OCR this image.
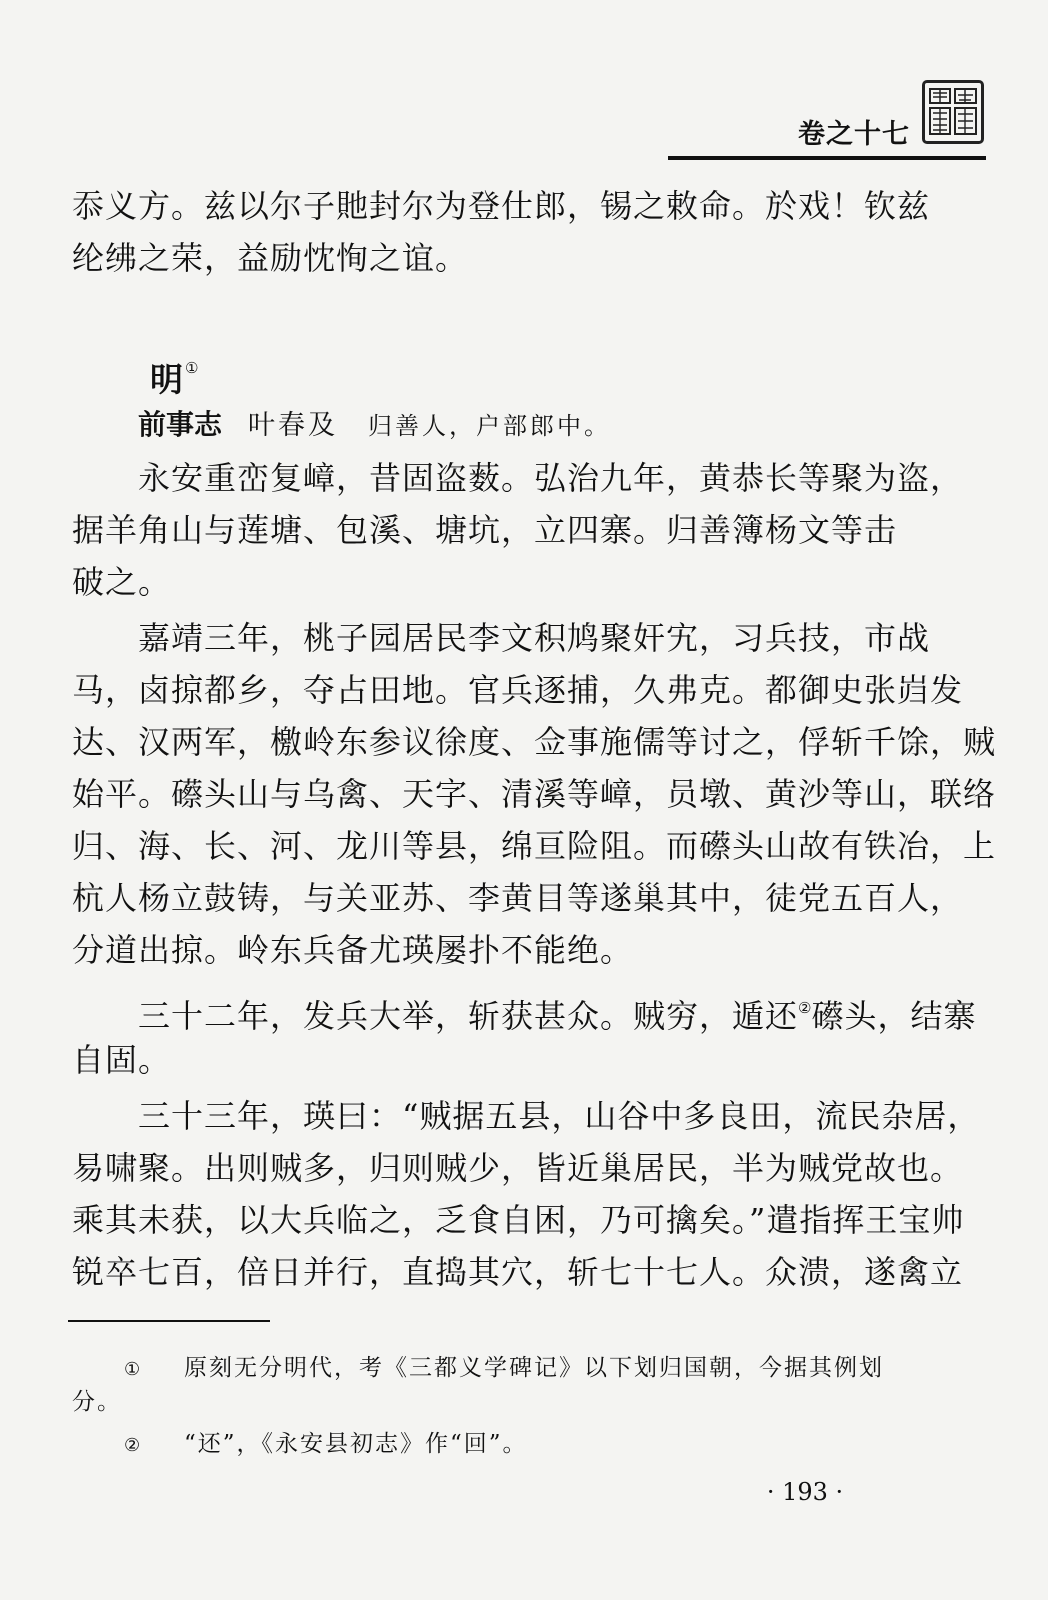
卷之十七
忝义方。兹以尔子貤封尔为登仕郎，锡之敕命。於戏！钦兹
纶绋之荣，益励忱恂之谊。
明 ①
前事志 叶春及 归善人，户部郎中。
永安重峦复嶂，昔固盗薮。弘治九年，黄恭长等聚为盗，
据羊角山与莲塘、包溪、塘坑，立四寨。归善簿杨文等击
破之。
嘉靖三年，桃子园居民李文积鸠聚奸宄，习兵技，市战
马，卤掠都乡，夺占田地。官兵逐捕，久弗克。都御史张岿发
达、汉两军，檄岭东参议徐度、佥事施儒等讨之，俘斩千馀，贼
始平。礤头山与乌禽、天字、清溪等嶂，员墩、黄沙等山，联络
归、海、长、河、龙川等县，绵亘险阻。而礤头山故有铁冶，上
杭人杨立鼓铸，与关亚苏、李黄目等遂巢其中，徒党五百人，
分道出掠。岭东兵备尤瑛屡扑不能绝。
三十二年，发兵大举，斩获甚众。贼穷，遁还②礤头，结寨
自固。
三十三年，瑛曰：“贼据五县，山谷中多良田，流民杂居，
易啸聚。出则贼多，归则贼少，皆近巢居民，半为贼党故也。
乘其未获，以大兵临之，乏食自困，乃可擒矣。”遣指挥王宝帅
锐卒七百，倍日并行，直捣其穴，斩七十七人。众溃，遂禽立
① 原刻无分明代，考《三都义学碑记》以下划归国朝，今据其例划
分。
② “还”，《永安县初志》作“回”。
· 193 ·
